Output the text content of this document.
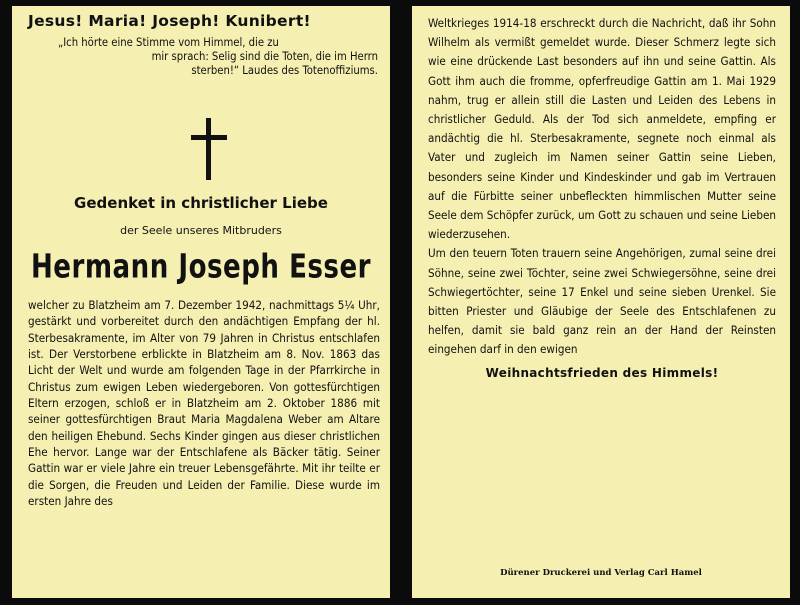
Jesus! Maria! Joseph! Kunibert!

„Ich hörte eine Stimme vom Himmel, die zu
mir sprach: Selig sind die Toten, die im Herrn
sterben!“ Laudes des Totenoffiziums.

Gedenket in christlicher Liebe
der Seele unseres Mitbruders
Hermann Joseph Esser

welcher zu Blatzheim am 7. Dezember 1942, nachmittags 5¼ Uhr, gestärkt und vorbereitet durch den andächtigen Empfang der hl. Sterbesakramente, im Alter von 79 Jahren in Christus entschlafen ist. Der Verstorbene erblickte in Blatzheim am 8. Nov. 1863 das Licht der Welt und wurde am folgenden Tage in der Pfarrkirche in Christus zum ewigen Leben wiedergeboren. Von gottesfürchtigen Eltern erzogen, schloß er in Blatzheim am 2. Oktober 1886 mit seiner gottesfürchtigen Braut Maria Magdalena Weber am Altare den heiligen Ehebund. Sechs Kinder gingen aus dieser christlichen Ehe hervor. Lange war der Entschlafene als Bäcker tätig. Seiner Gattin war er viele Jahre ein treuer Lebensgefährte. Mit ihr teilte er die Sorgen, die Freuden und Leiden der Familie. Diese wurde im ersten Jahre des

Weltkrieges 1914-18 erschreckt durch die Nachricht, daß ihr Sohn Wilhelm als vermißt gemeldet wurde. Dieser Schmerz legte sich wie eine drückende Last besonders auf ihn und seine Gattin. Als Gott ihm auch die fromme, opferfreudige Gattin am 1. Mai 1929 nahm, trug er allein still die Lasten und Leiden des Lebens in christlicher Geduld. Als der Tod sich anmeldete, empfing er andächtig die hl. Sterbesakramente, segnete noch einmal als Vater und zugleich im Namen seiner Gattin seine Lieben, besonders seine Kinder und Kindeskinder und gab im Vertrauen auf die Fürbitte seiner unbefleckten himmlischen Mutter seine Seele dem Schöpfer zurück, um Gott zu schauen und seine Lieben wiederzusehen.

Um den teuern Toten trauern seine Angehörigen, zumal seine drei Söhne, seine zwei Töchter, seine zwei Schwiegersöhne, seine drei Schwiegertöchter, seine 17 Enkel und seine sieben Urenkel. Sie bitten Priester und Gläubige der Seele des Entschlafenen zu helfen, damit sie bald ganz rein an der Hand der Reinsten eingehen darf in den ewigen

Weihnachtsfrieden des Himmels!
Dürener Druckerei und Verlag Carl Hamel
